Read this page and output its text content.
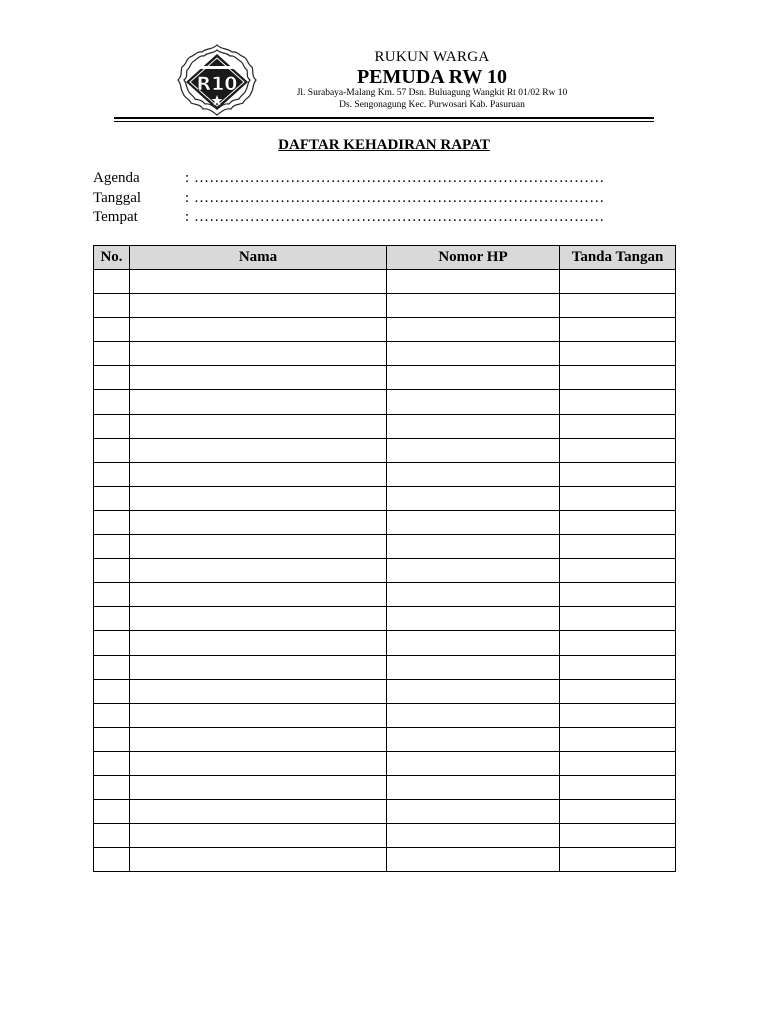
R10
RUKUN WARGA
PEMUDA RW 10
Jl. Surabaya-Malang Km. 57 Dsn. Buluagung Wangkit Rt 01/02 Rw 10
Ds. Sengonagung Kec. Purwosari Kab. Pasuruan
DAFTAR KEHADIRAN RAPAT
Agenda	: ………………………………………………………………………
Tanggal	: ………………………………………………………………………
Tempat	: ………………………………………………………………………
No.	Nama	Nomor HP	Tanda Tangan
